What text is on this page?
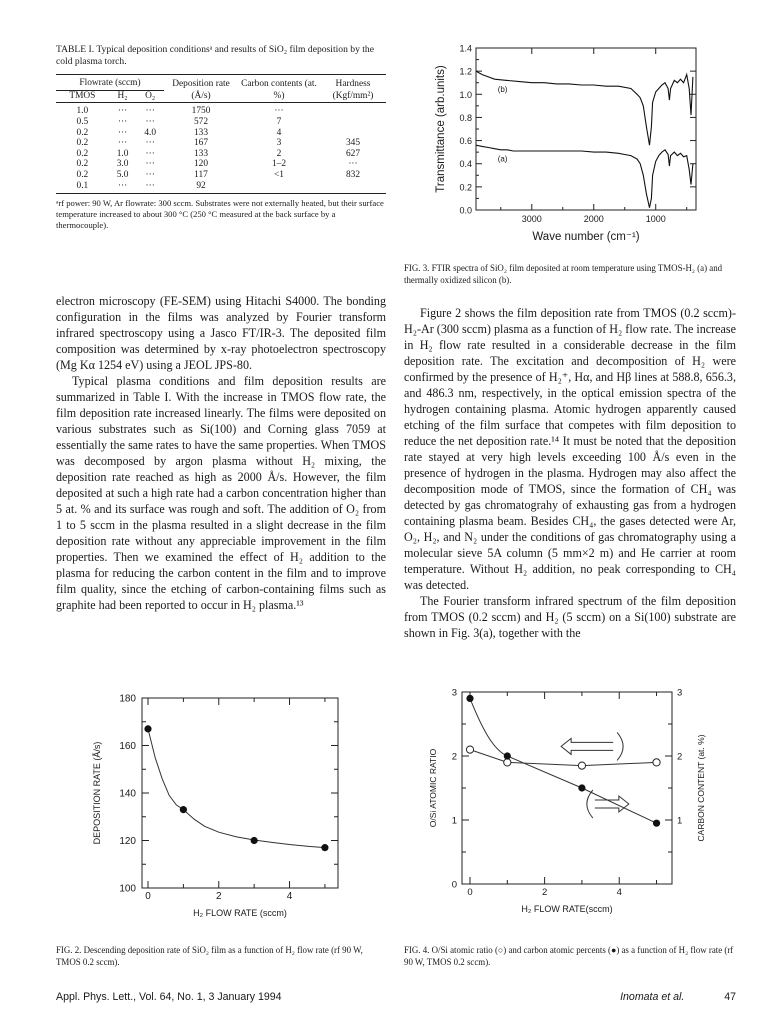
TABLE I. Typical deposition conditionsᵃ and results of SiO₂ film deposition by the cold plasma torch.
Flowrate (sccm)			Deposition rate (Å/s)	Carbon contents (at. %)	Hardness (Kgf/mm²)
TMOS	H₂	O₂			
1.0	···	···	1750	···	
0.5	···	···	572	7	
0.2	···	4.0	133	4	
0.2	···	···	167	3	345
0.2	1.0	···	133	2	627
0.2	3.0	···	120	1–2	···
0.2	5.0	···	117	<1	832
0.1	···	···	92		
ᵃrf power: 90 W, Ar flowrate: 300 sccm. Substrates were not externally heated, but their surface temperature increased to about 300 °C (250 °C measured at the back surface by a thermocouple).
0.0
0.2
0.4
0.6
0.8
1.0
1.2
1.4
3000	2000	1000
(b)
(a)
Wave number (cm⁻¹)
Transmittance (arb.units)
FIG. 3. FTIR spectra of SiO₂ film deposited at room temperature using TMOS-H₂ (a) and thermally oxidized silicon (b).

electron microscopy (FE-SEM) using Hitachi S4000. The bonding configuration in the films was analyzed by Fourier transform infrared spectroscopy using a Jasco FT/IR-3. The deposited film composition was determined by x-ray photoelectron spectroscopy (Mg Kα 1254 eV) using a JEOL JPS-80.

Typical plasma conditions and film deposition results are summarized in Table I. With the increase in TMOS flow rate, the film deposition rate increased linearly. The films were deposited on various substrates such as Si(100) and Corning glass 7059 at essentially the same rates to have the same properties. When TMOS was decomposed by argon plasma without H₂ mixing, the deposition rate reached as high as 2000 Å/s. However, the film deposited at such a high rate had a carbon concentration higher than 5 at. % and its surface was rough and soft. The addition of O₂ from 1 to 5 sccm in the plasma resulted in a slight decrease in the film deposition rate without any appreciable improvement in the film properties. Then we examined the effect of H₂ addition to the plasma for reducing the carbon content in the film and to improve film quality, since the etching of carbon-containing films such as graphite had been reported to occur in H₂ plasma.¹³

Figure 2 shows the film deposition rate from TMOS (0.2 sccm)-H₂-Ar (300 sccm) plasma as a function of H₂ flow rate. The increase in H₂ flow rate resulted in a considerable decrease in the film deposition rate. The excitation and decomposition of H₂ were confirmed by the presence of H₂⁺, Hα, and Hβ lines at 588.8, 656.3, and 486.3 nm, respectively, in the optical emission spectra of the hydrogen containing plasma. Atomic hydrogen apparently caused etching of the film surface that competes with film deposition to reduce the net deposition rate.¹⁴ It must be noted that the deposition rate stayed at very high levels exceeding 100 Å/s even in the presence of hydrogen in the plasma. Hydrogen may also affect the decomposition mode of TMOS, since the formation of CH₄ was detected by gas chromatograhy of exhausting gas from a hydrogen containing plasma beam. Besides CH₄, the gases detected were Ar, O₂, H₂, and N₂ under the conditions of gas chromatography using a molecular sieve 5A column (5 mm×2 m) and He carrier at room temperature. Without H₂ addition, no peak corresponding to CH₄ was detected.

The Fourier transform infrared spectrum of the film deposition from TMOS (0.2 sccm) and H₂ (5 sccm) on a Si(100) substrate are shown in Fig. 3(a), together with the

100
120
140
160
180
0	2	4
H₂ FLOW RATE (sccm)
DEPOSITION RATE (Å/s)
FIG. 2. Descending deposition rate of SiO₂ film as a function of H₂ flow rate (rf 90 W, TMOS 0.2 sccm).
0
1
2
3
1
2
3
0	2	4
H₂ FLOW RATE(sccm)
O/Si ATOMIC RATIO	CARBON CONTENT (at. %)
FIG. 4. O/Si atomic ratio (○) and carbon atomic percents (●) as a function of H₂ flow rate (rf 90 W, TMOS 0.2 sccm).
Appl. Phys. Lett., Vol. 64, No. 1, 3 January 1994	Inomata et al.	47
